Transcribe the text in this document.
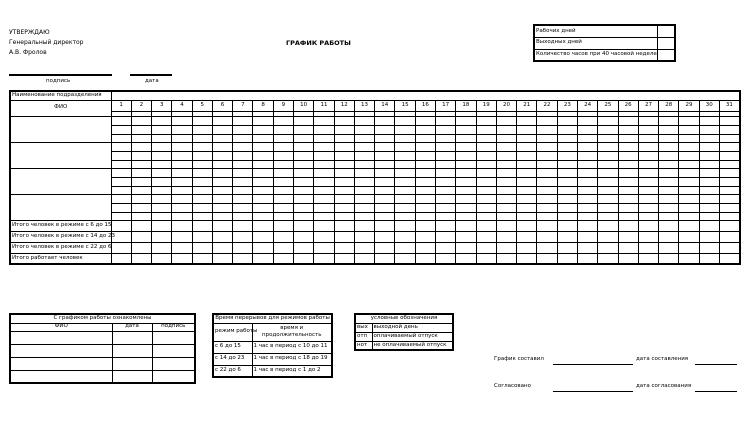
УТВЕРЖДАЮ
Генеральный директор
А.В. Фролов
подпись	дата
ГРАФИК РАБОТЫ
Рабочих дней	
Выходных дней	
Количество часов при 40 часовой неделе	
Наименование подразделения																															
ФИО	1	2	3	4	5	6	7	8	9	10	11	12	13	14	15	16	17	18	19	20	21	22	23	24	25	26	27	28	29	30	31

Итого человек в режиме с 6 до 15																															
Итого человек в режиме с 14 до 23																															
Итого человек в режиме с 22 до 6																															
Итого работает человек																															
С графиком работы ознакомлены		
ФИО	дата	подпись

Время перерывов для режимов работы	
режим работы	время и продолжительность
с 6 до 15	1 час в период с 10 до 11
с 14 до 23	1 час в период с 18 до 19
с 22 до 6	1 час в период с 1 до 2
условные обозначения	
вых	выходной день
отп	оплачиваемый отпуск
нот	не оплачиваемый отпуск
График составил	дата составления
Согласовано	дата согласования
